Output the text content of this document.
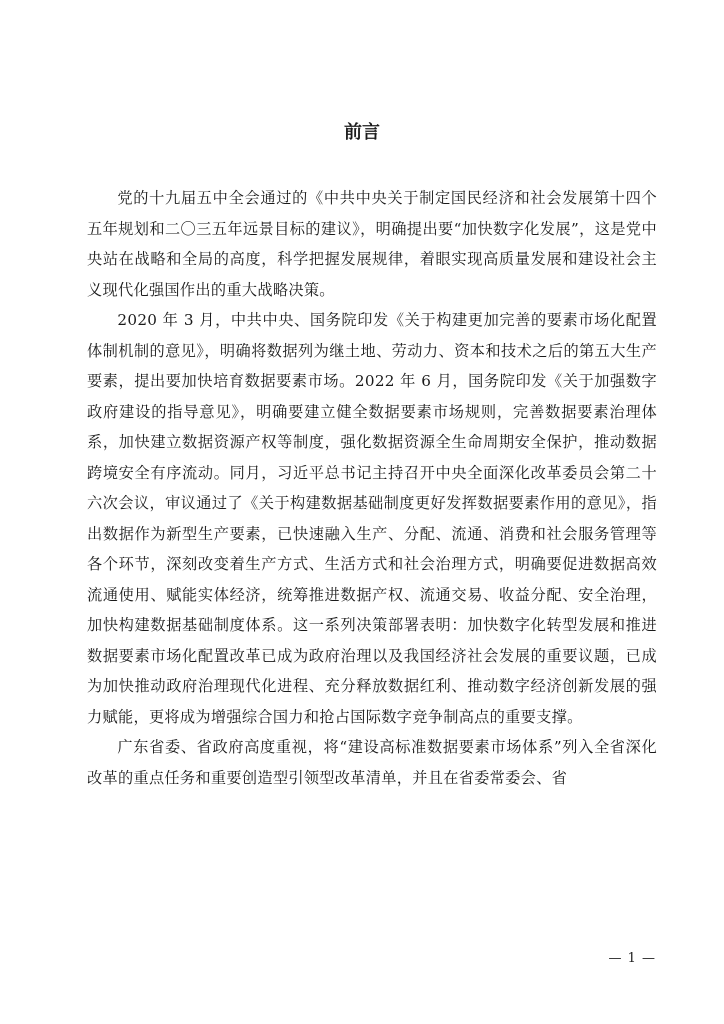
前言

党的十九届五中全会通过的《中共中央关于制定国民经济和社会发展第十四个五年规划和二〇三五年远景目标的建议》，明确提出要“加快数字化发展”，这是党中央站在战略和全局的高度，科学把握发展规律，着眼实现高质量发展和建设社会主义现代化强国作出的重大战略决策。

2020 年 3 月，中共中央、国务院印发《关于构建更加完善的要素市场化配置体制机制的意见》，明确将数据列为继土地、劳动力、资本和技术之后的第五大生产要素，提出要加快培育数据要素市场。2022 年 6 月，国务院印发《关于加强数字政府建设的指导意见》，明确要建立健全数据要素市场规则，完善数据要素治理体系，加快建立数据资源产权等制度，强化数据资源全生命周期安全保护，推动数据跨境安全有序流动。同月，习近平总书记主持召开中央全面深化改革委员会第二十六次会议，审议通过了《关于构建数据基础制度更好发挥数据要素作用的意见》，指出数据作为新型生产要素，已快速融入生产、分配、流通、消费和社会服务管理等各个环节，深刻改变着生产方式、生活方式和社会治理方式，明确要促进数据高效流通使用、赋能实体经济，统筹推进数据产权、流通交易、收益分配、安全治理，加快构建数据基础制度体系。这一系列决策部署表明：加快数字化转型发展和推进数据要素市场化配置改革已成为政府治理以及我国经济社会发展的重要议题，已成为加快推动政府治理现代化进程、充分释放数据红利、推动数字经济创新发展的强力赋能，更将成为增强综合国力和抢占国际数字竞争制高点的重要支撑。

广东省委、省政府高度重视，将“建设高标准数据要素市场体系”列入全省深化改革的重点任务和重要创造型引领型改革清单，并且在省委常委会、省

— 1 —
